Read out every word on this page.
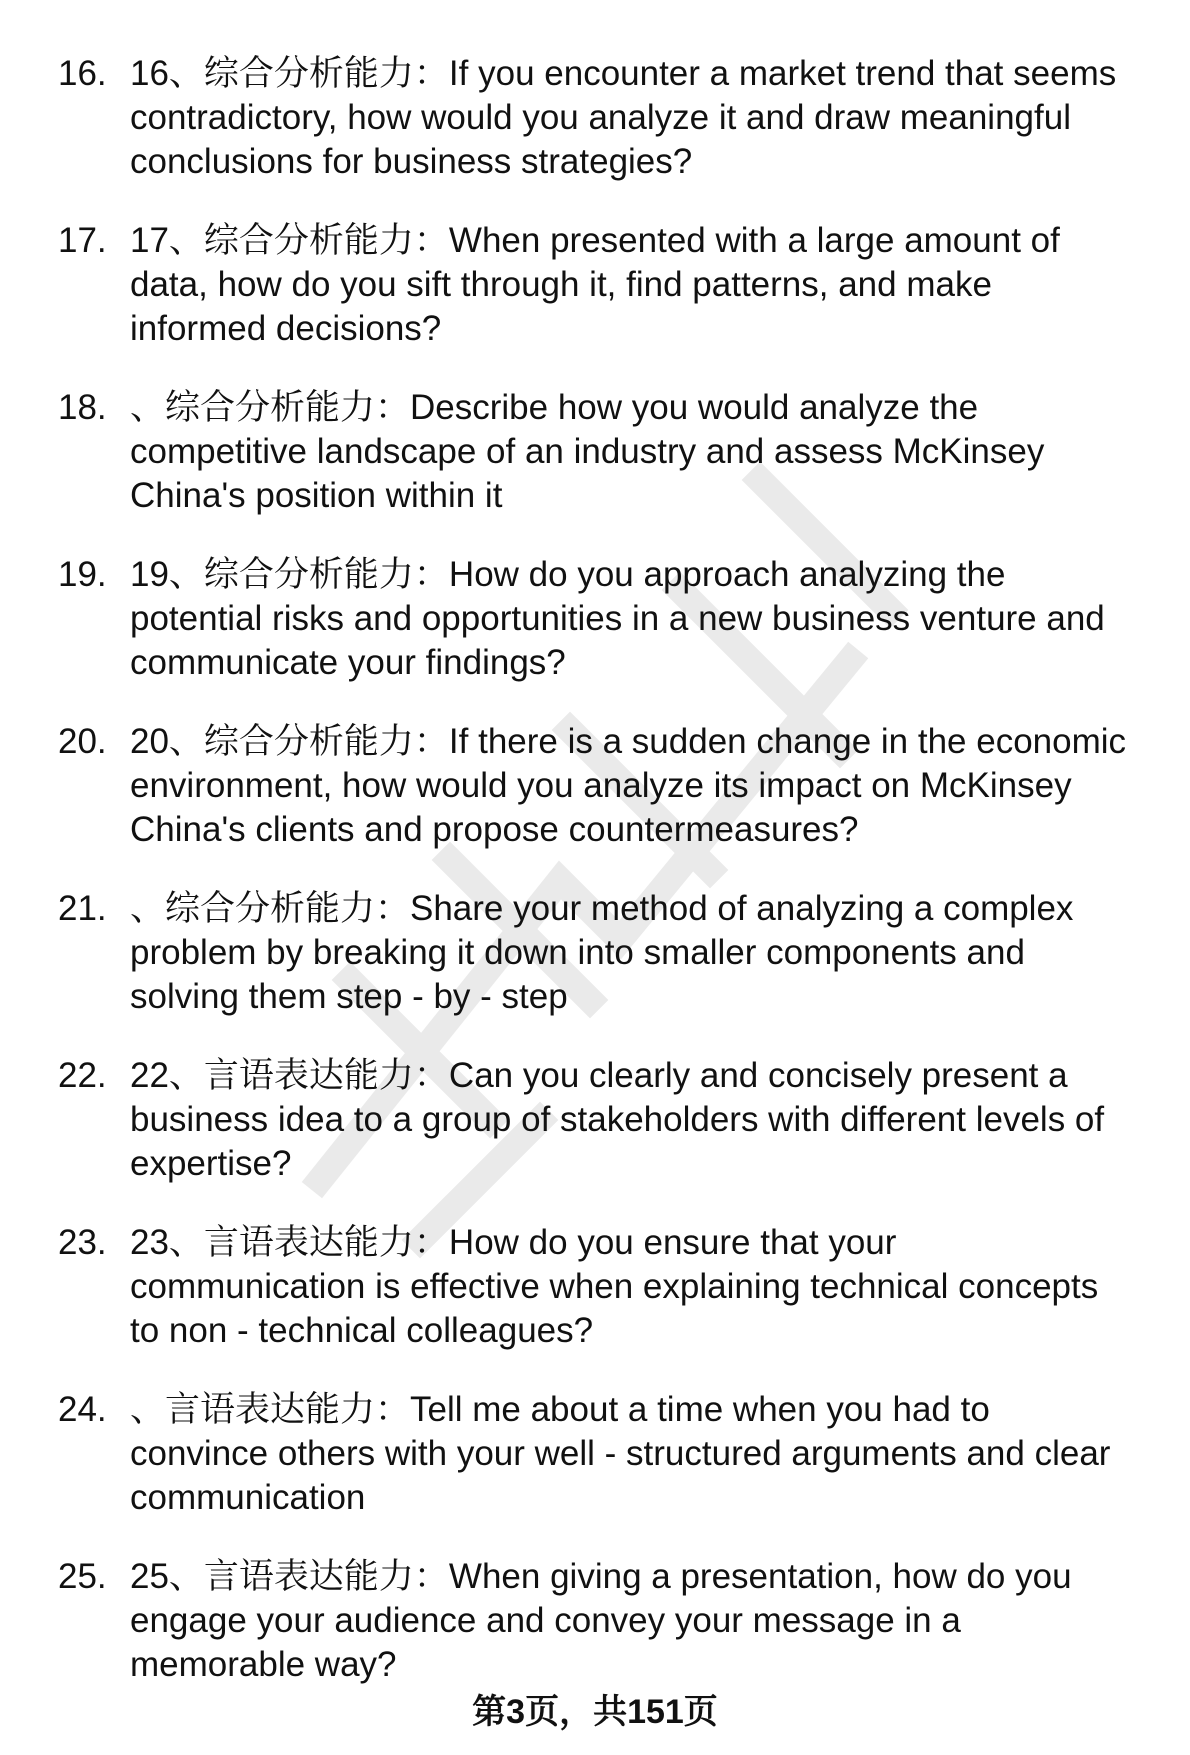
16. 16、综合分析能力：If you encounter a market trend that seems
contradictory, how would you analyze it and draw meaningful
conclusions for business strategies?
17. 17、综合分析能力：When presented with a large amount of
data, how do you sift through it, find patterns, and make
informed decisions?
18. 、综合分析能力：Describe how you would analyze the
competitive landscape of an industry and assess McKinsey
China's position within it
19. 19、综合分析能力：How do you approach analyzing the
potential risks and opportunities in a new business venture and
communicate your findings?
20. 20、综合分析能力：If there is a sudden change in the economic
environment, how would you analyze its impact on McKinsey
China's clients and propose countermeasures?
21. 、综合分析能力：Share your method of analyzing a complex
problem by breaking it down into smaller components and
solving them step - by - step
22. 22、言语表达能力：Can you clearly and concisely present a
business idea to a group of stakeholders with different levels of
expertise?
23. 23、言语表达能力：How do you ensure that your
communication is effective when explaining technical concepts
to non - technical colleagues?
24. 、言语表达能力：Tell me about a time when you had to
convince others with your well - structured arguments and clear
communication
25. 25、言语表达能力：When giving a presentation, how do you
engage your audience and convey your message in a
memorable way?
第3页，共151页
